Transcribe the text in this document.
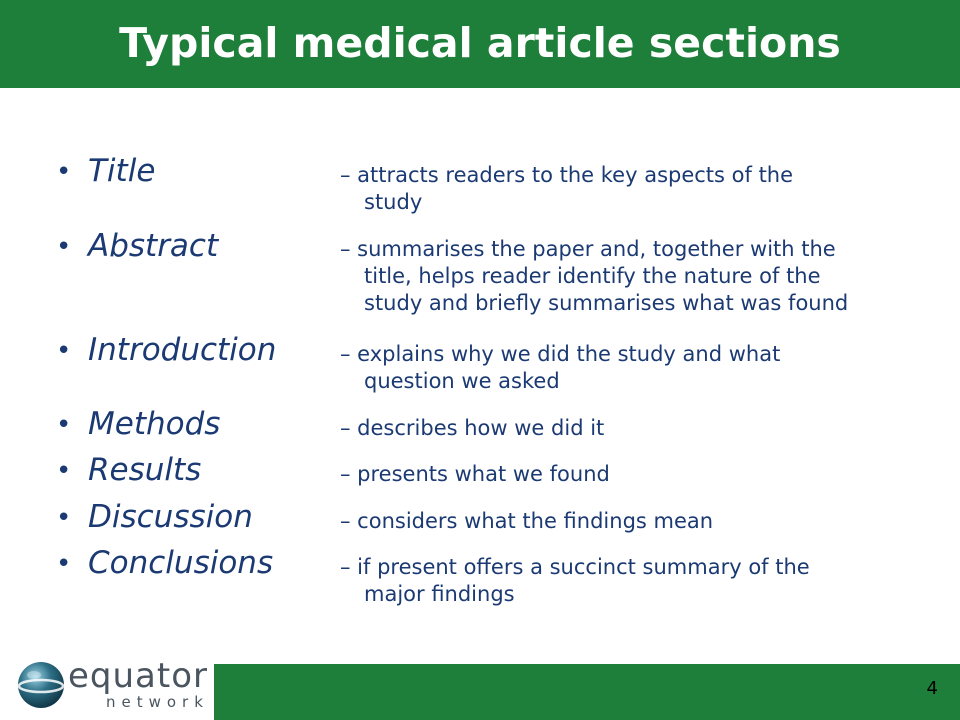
Typical medical article sections
• Title	– attracts readers to the key aspects of the
study
• Abstract	– summarises the paper and, together with the
title, helps reader identify the nature of the
study and briefly summarises what was found
• Introduction	– explains why we did the study and what
question we asked
• Methods	– describes how we did it
• Results	– presents what we found
• Discussion	– considers what the findings mean
• Conclusions	– if present offers a succinct summary of the
major findings
equator
network
4
